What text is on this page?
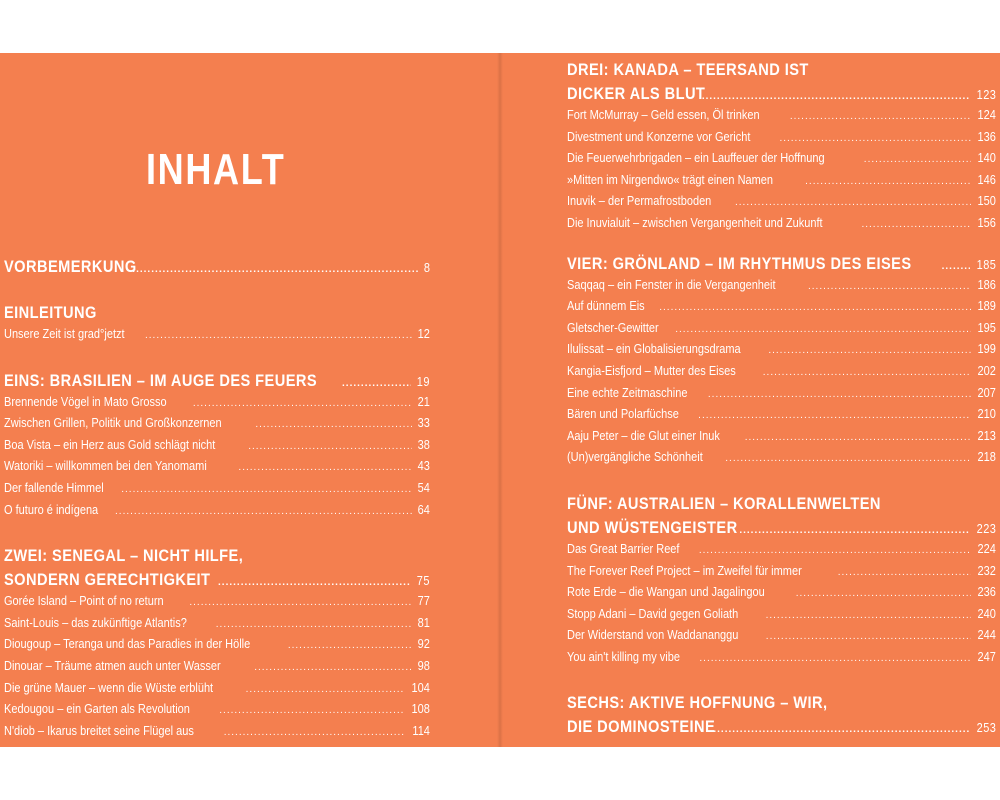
INHALT
VORBEMERKUNG .....	8
EINLEITUNG
Unsere Zeit ist grad°jetzt .....	12
EINS: BRASILIEN – IM AUGE DES FEUERS .....	19
Brennende Vögel in Mato Grosso .....	21
Zwischen Grillen, Politik und Großkonzernen .....	33
Boa Vista – ein Herz aus Gold schlägt nicht .....	38
Watoriki – willkommen bei den Yanomami .....	43
Der fallende Himmel .....	54
O futuro é indígena .....	64
ZWEI: SENEGAL – NICHT HILFE,
SONDERN GERECHTIGKEIT .....	75
Gorée Island – Point of no return .....	77
Saint-Louis – das zukünftige Atlantis? .....	81
Diougoup – Teranga und das Paradies in der Hölle .....	92
Dinouar – Träume atmen auch unter Wasser .....	98
Die grüne Mauer – wenn die Wüste erblüht .....	104
Kedougou – ein Garten als Revolution .....	108
N'diob – Ikarus breitet seine Flügel aus .....	114
DREI: KANADA – TEERSAND IST
DICKER ALS BLUT .....	123
Fort McMurray – Geld essen, Öl trinken .....	124
Divestment und Konzerne vor Gericht .....	136
Die Feuerwehrbrigaden – ein Lauffeuer der Hoffnung .....	140
»Mitten im Nirgendwo« trägt einen Namen .....	146
Inuvik – der Permafrostboden .....	150
Die Inuvialuit – zwischen Vergangenheit und Zukunft .....	156
VIER: GRÖNLAND – IM RHYTHMUS DES EISES .....	185
Saqqaq – ein Fenster in die Vergangenheit .....	186
Auf dünnem Eis .....	189
Gletscher-Gewitter .....	195
Ilulissat – ein Globalisierungsdrama .....	199
Kangia-Eisfjord – Mutter des Eises .....	202
Eine echte Zeitmaschine .....	207
Bären und Polarfüchse .....	210
Aaju Peter – die Glut einer Inuk .....	213
(Un)vergängliche Schönheit .....	218
FÜNF: AUSTRALIEN – KORALLENWELTEN
UND WÜSTENGEISTER .....	223
Das Great Barrier Reef .....	224
The Forever Reef Project – im Zweifel für immer .....	232
Rote Erde – die Wangan und Jagalingou .....	236
Stopp Adani – David gegen Goliath .....	240
Der Widerstand von Waddananggu .....	244
You ain't killing my vibe .....	247
SECHS: AKTIVE HOFFNUNG – WIR,
DIE DOMINOSTEINE .....	253
